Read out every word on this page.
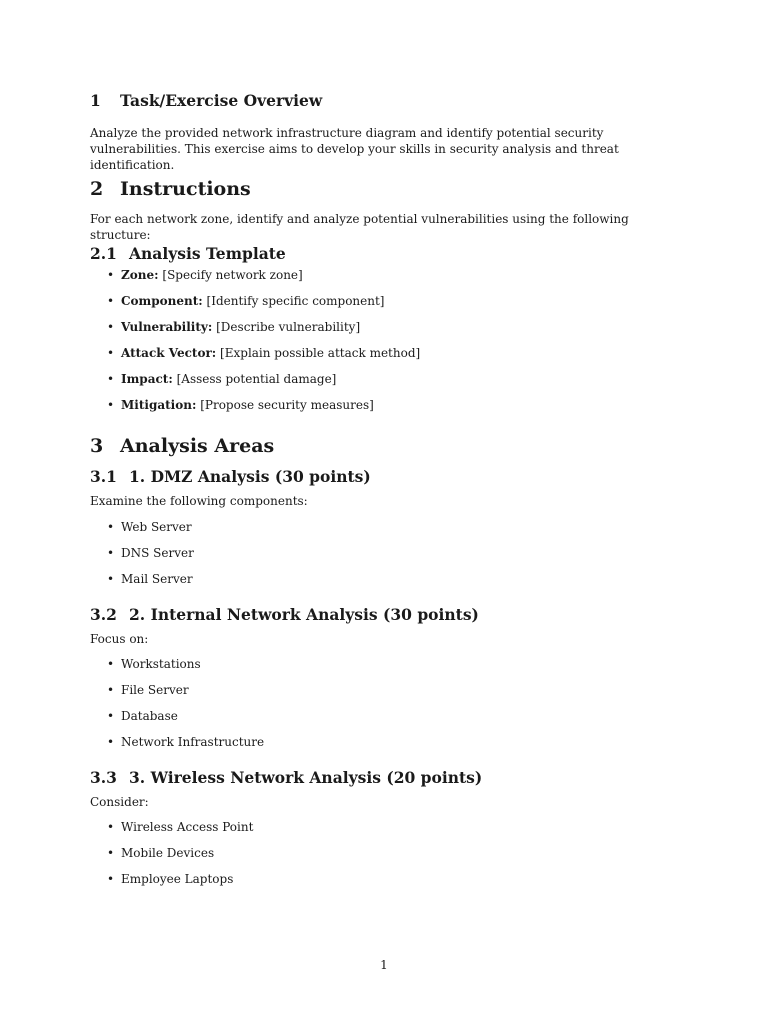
1 Task/Exercise Overview
Analyze the provided network infrastructure diagram and identify potential security vulnerabilities. This exercise aims to develop your skills in security analysis and threat identification.
2 Instructions
For each network zone, identify and analyze potential vulnerabilities using the following structure:
2.1 Analysis Template
• Zone: [Specify network zone]
• Component: [Identify specific component]
• Vulnerability: [Describe vulnerability]
• Attack Vector: [Explain possible attack method]
• Impact: [Assess potential damage]
• Mitigation: [Propose security measures]
3 Analysis Areas
3.1 1. DMZ Analysis (30 points)
Examine the following components:
• Web Server
• DNS Server
• Mail Server
3.2 2. Internal Network Analysis (30 points)
Focus on:
• Workstations
• File Server
• Database
• Network Infrastructure
3.3 3. Wireless Network Analysis (20 points)
Consider:
• Wireless Access Point
• Mobile Devices
• Employee Laptops
1
